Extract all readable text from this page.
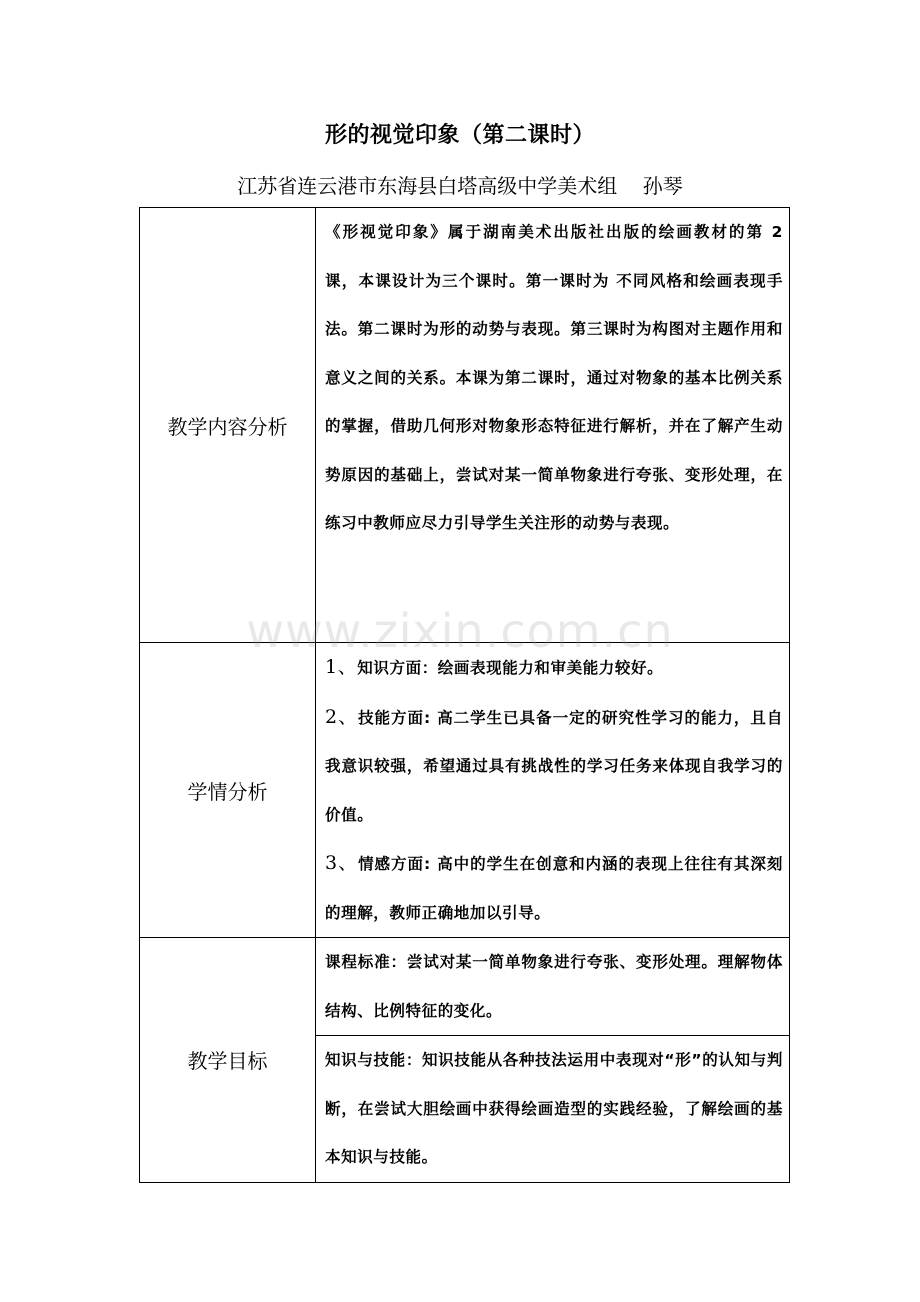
形的视觉印象（第二课时）
江苏省连云港市东海县白塔高级中学美术组    孙琴
教学内容分析	《形视觉印象》属于湖南美术出版社出版的绘画教材的第 2 课，本课设计为三个课时。第一课时为 不同风格和绘画表现手法。第二课时为形的动势与表现。第三课时为构图对主题作用和意义之间的关系。本课为第二课时，通过对物象的基本比例关系的掌握，借助几何形对物象形态特征进行解析，并在了解产生动势原因的基础上，尝试对某一简单物象进行夸张、变形处理，在练习中教师应尽力引导学生关注形的动势与表现。

学情分析	1、知识方面：绘画表现能力和审美能力较好。

2、技能方面: 高二学生已具备一定的研究性学习的能力，且自我意识较强，希望通过具有挑战性的学习任务来体现自我学习的价值。

3、情感方面: 高中的学生在创意和内涵的表现上往往有其深刻的理解，教师正确地加以引导。

教学目标	课程标准：尝试对某一简单物象进行夸张、变形处理。理解物体结构、比例特征的变化。

	知识与技能：知识技能从各种技法运用中表现对“形”的认知与判断，在尝试大胆绘画中获得绘画造型的实践经验，了解绘画的基本知识与技能。

www.zixin.com.cn
